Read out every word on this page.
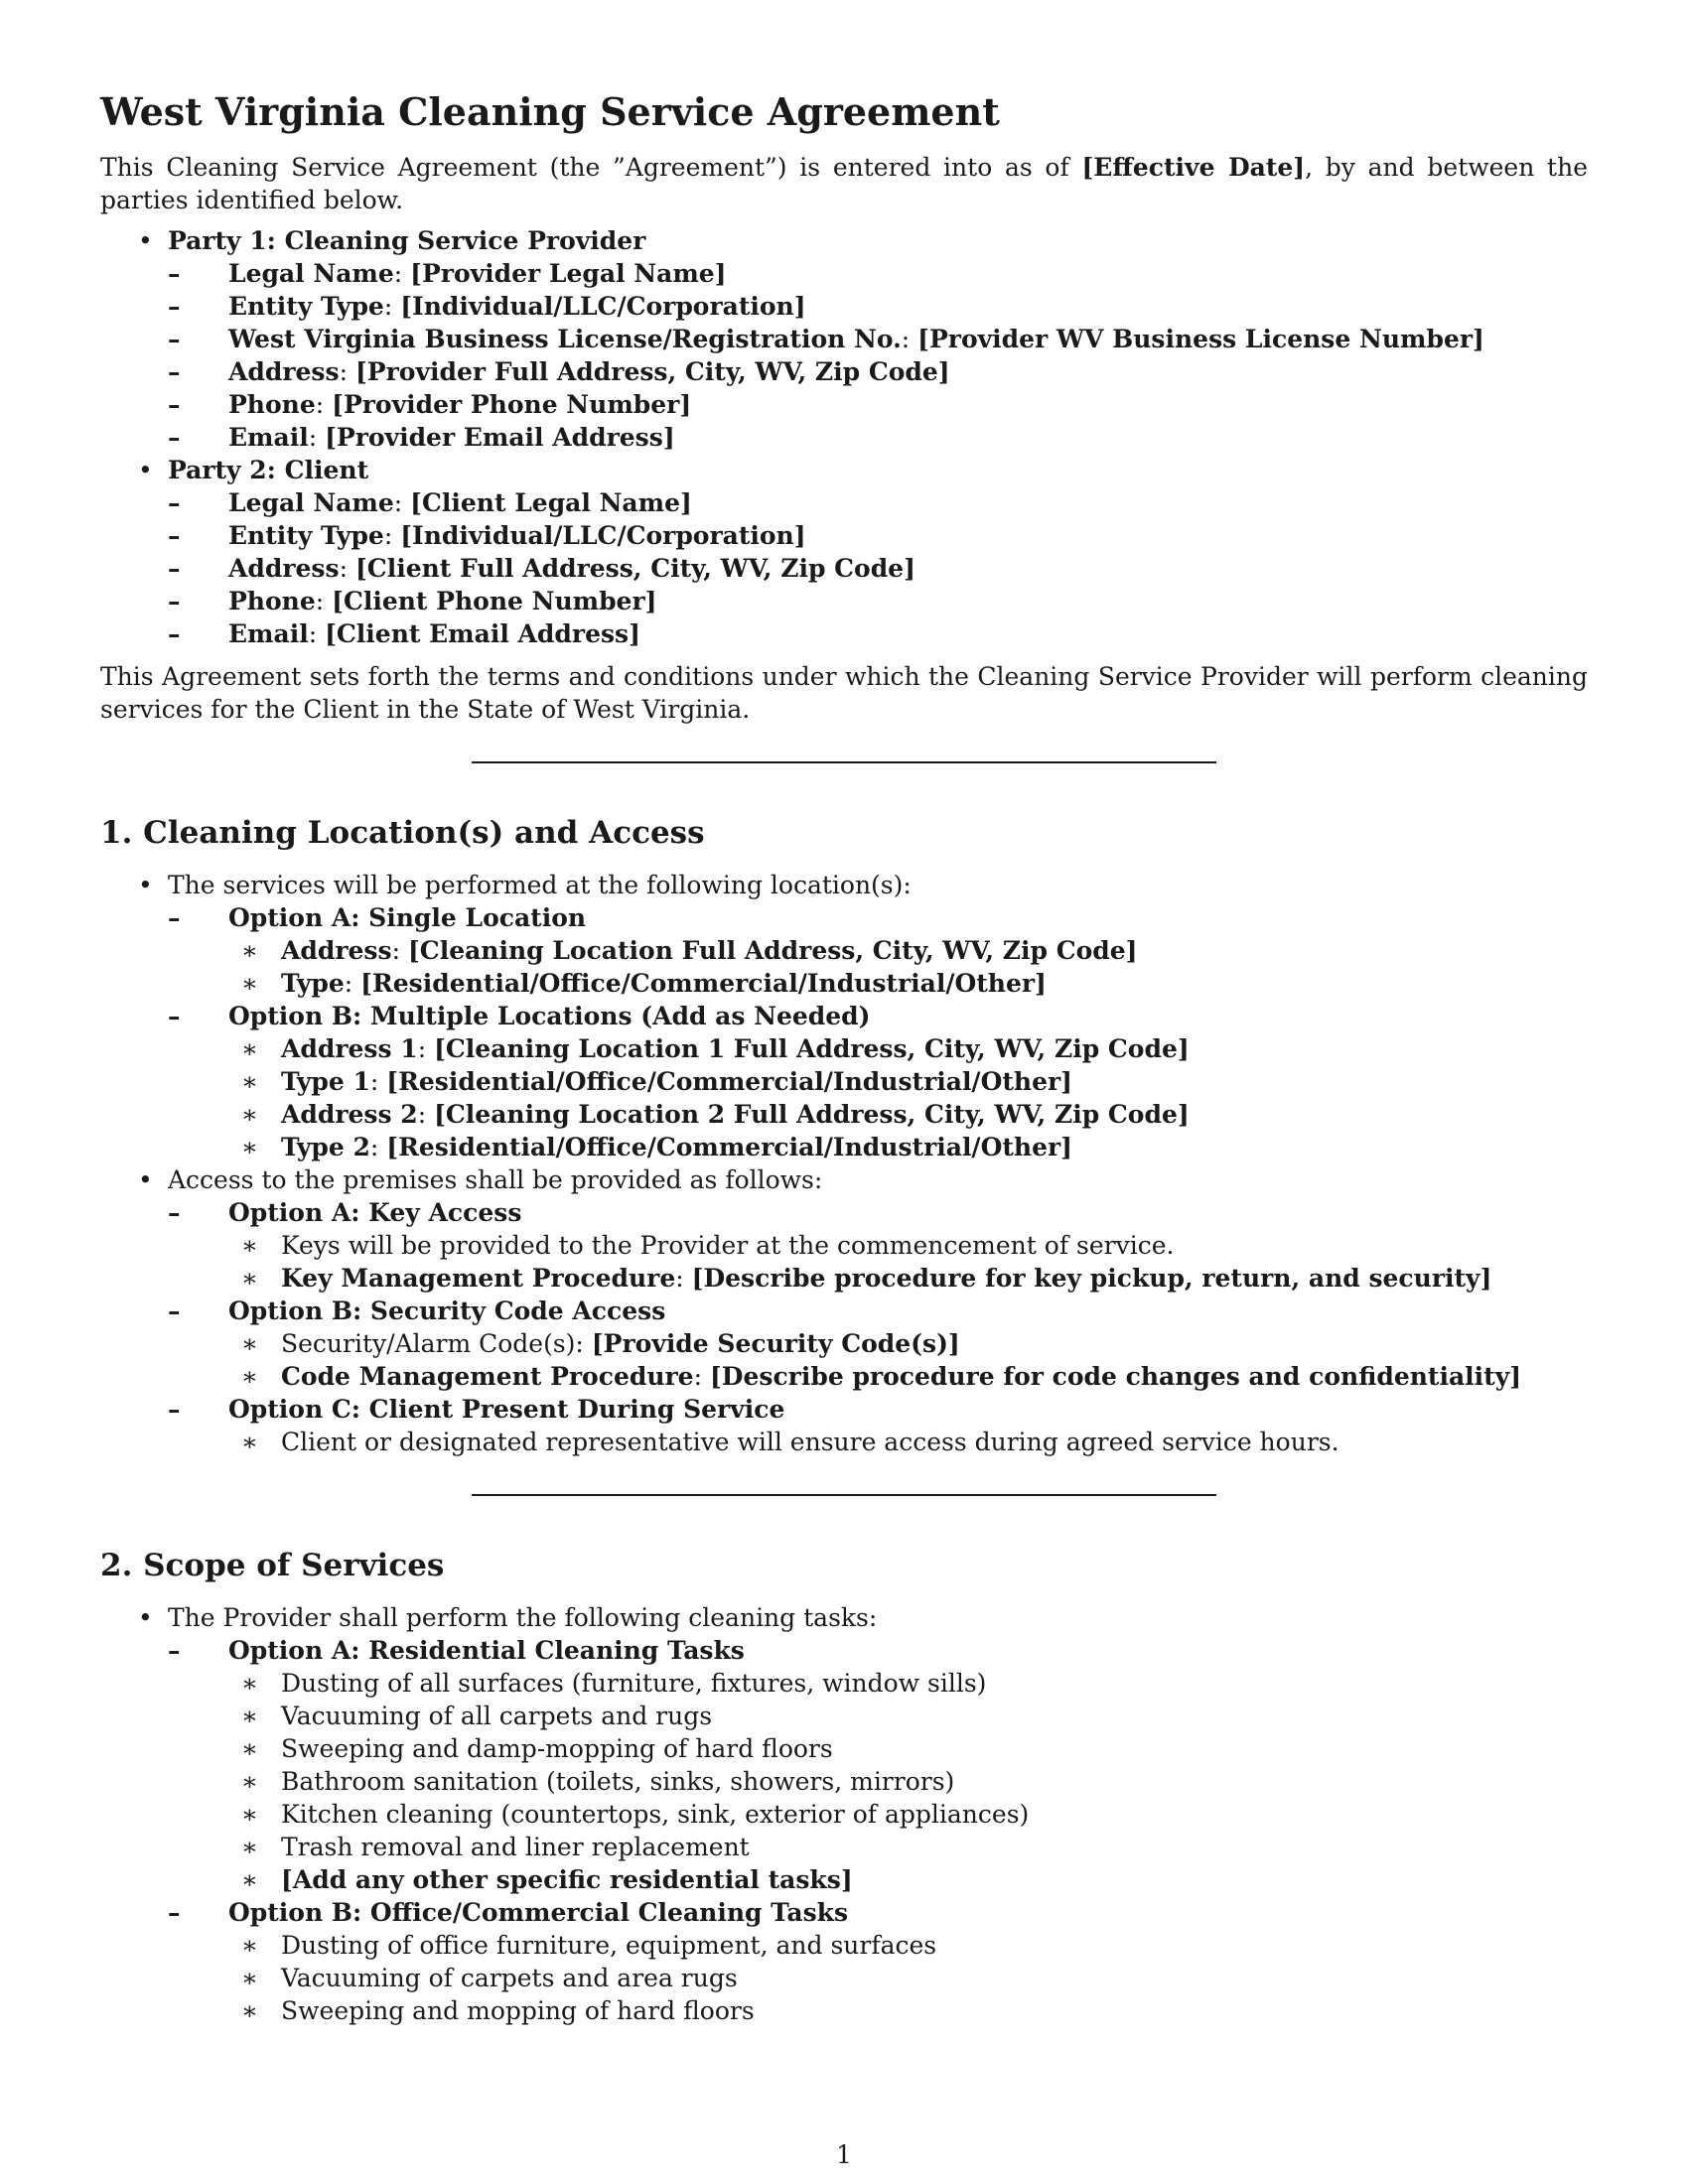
West Virginia Cleaning Service Agreement

This Cleaning Service Agreement (the ”Agreement”) is entered into as of [Effective Date], by and between the parties identified below.

• Party 1: Cleaning Service Provider
– Legal Name: [Provider Legal Name]
– Entity Type: [Individual/LLC/Corporation]
– West Virginia Business License/Registration No.: [Provider WV Business License Number]
– Address: [Provider Full Address, City, WV, Zip Code]
– Phone: [Provider Phone Number]
– Email: [Provider Email Address]
• Party 2: Client
– Legal Name: [Client Legal Name]
– Entity Type: [Individual/LLC/Corporation]
– Address: [Client Full Address, City, WV, Zip Code]
– Phone: [Client Phone Number]
– Email: [Client Email Address]

This Agreement sets forth the terms and conditions under which the Cleaning Service Provider will perform cleaning services for the Client in the State of West Virginia.

1. Cleaning Location(s) and Access
• The services will be performed at the following location(s):
– Option A: Single Location
∗ Address: [Cleaning Location Full Address, City, WV, Zip Code]
∗ Type: [Residential/Office/Commercial/Industrial/Other]
– Option B: Multiple Locations (Add as Needed)
∗ Address 1: [Cleaning Location 1 Full Address, City, WV, Zip Code]
∗ Type 1: [Residential/Office/Commercial/Industrial/Other]
∗ Address 2: [Cleaning Location 2 Full Address, City, WV, Zip Code]
∗ Type 2: [Residential/Office/Commercial/Industrial/Other]
• Access to the premises shall be provided as follows:
– Option A: Key Access
∗ Keys will be provided to the Provider at the commencement of service.
∗ Key Management Procedure: [Describe procedure for key pickup, return, and security]
– Option B: Security Code Access
∗ Security/Alarm Code(s): [Provide Security Code(s)]
∗ Code Management Procedure: [Describe procedure for code changes and confidentiality]
– Option C: Client Present During Service
∗ Client or designated representative will ensure access during agreed service hours.
2. Scope of Services
• The Provider shall perform the following cleaning tasks:
– Option A: Residential Cleaning Tasks
∗ Dusting of all surfaces (furniture, fixtures, window sills)
∗ Vacuuming of all carpets and rugs
∗ Sweeping and damp-mopping of hard floors
∗ Bathroom sanitation (toilets, sinks, showers, mirrors)
∗ Kitchen cleaning (countertops, sink, exterior of appliances)
∗ Trash removal and liner replacement
∗ [Add any other specific residential tasks]
– Option B: Office/Commercial Cleaning Tasks
∗ Dusting of office furniture, equipment, and surfaces
∗ Vacuuming of carpets and area rugs
∗ Sweeping and mopping of hard floors
1
